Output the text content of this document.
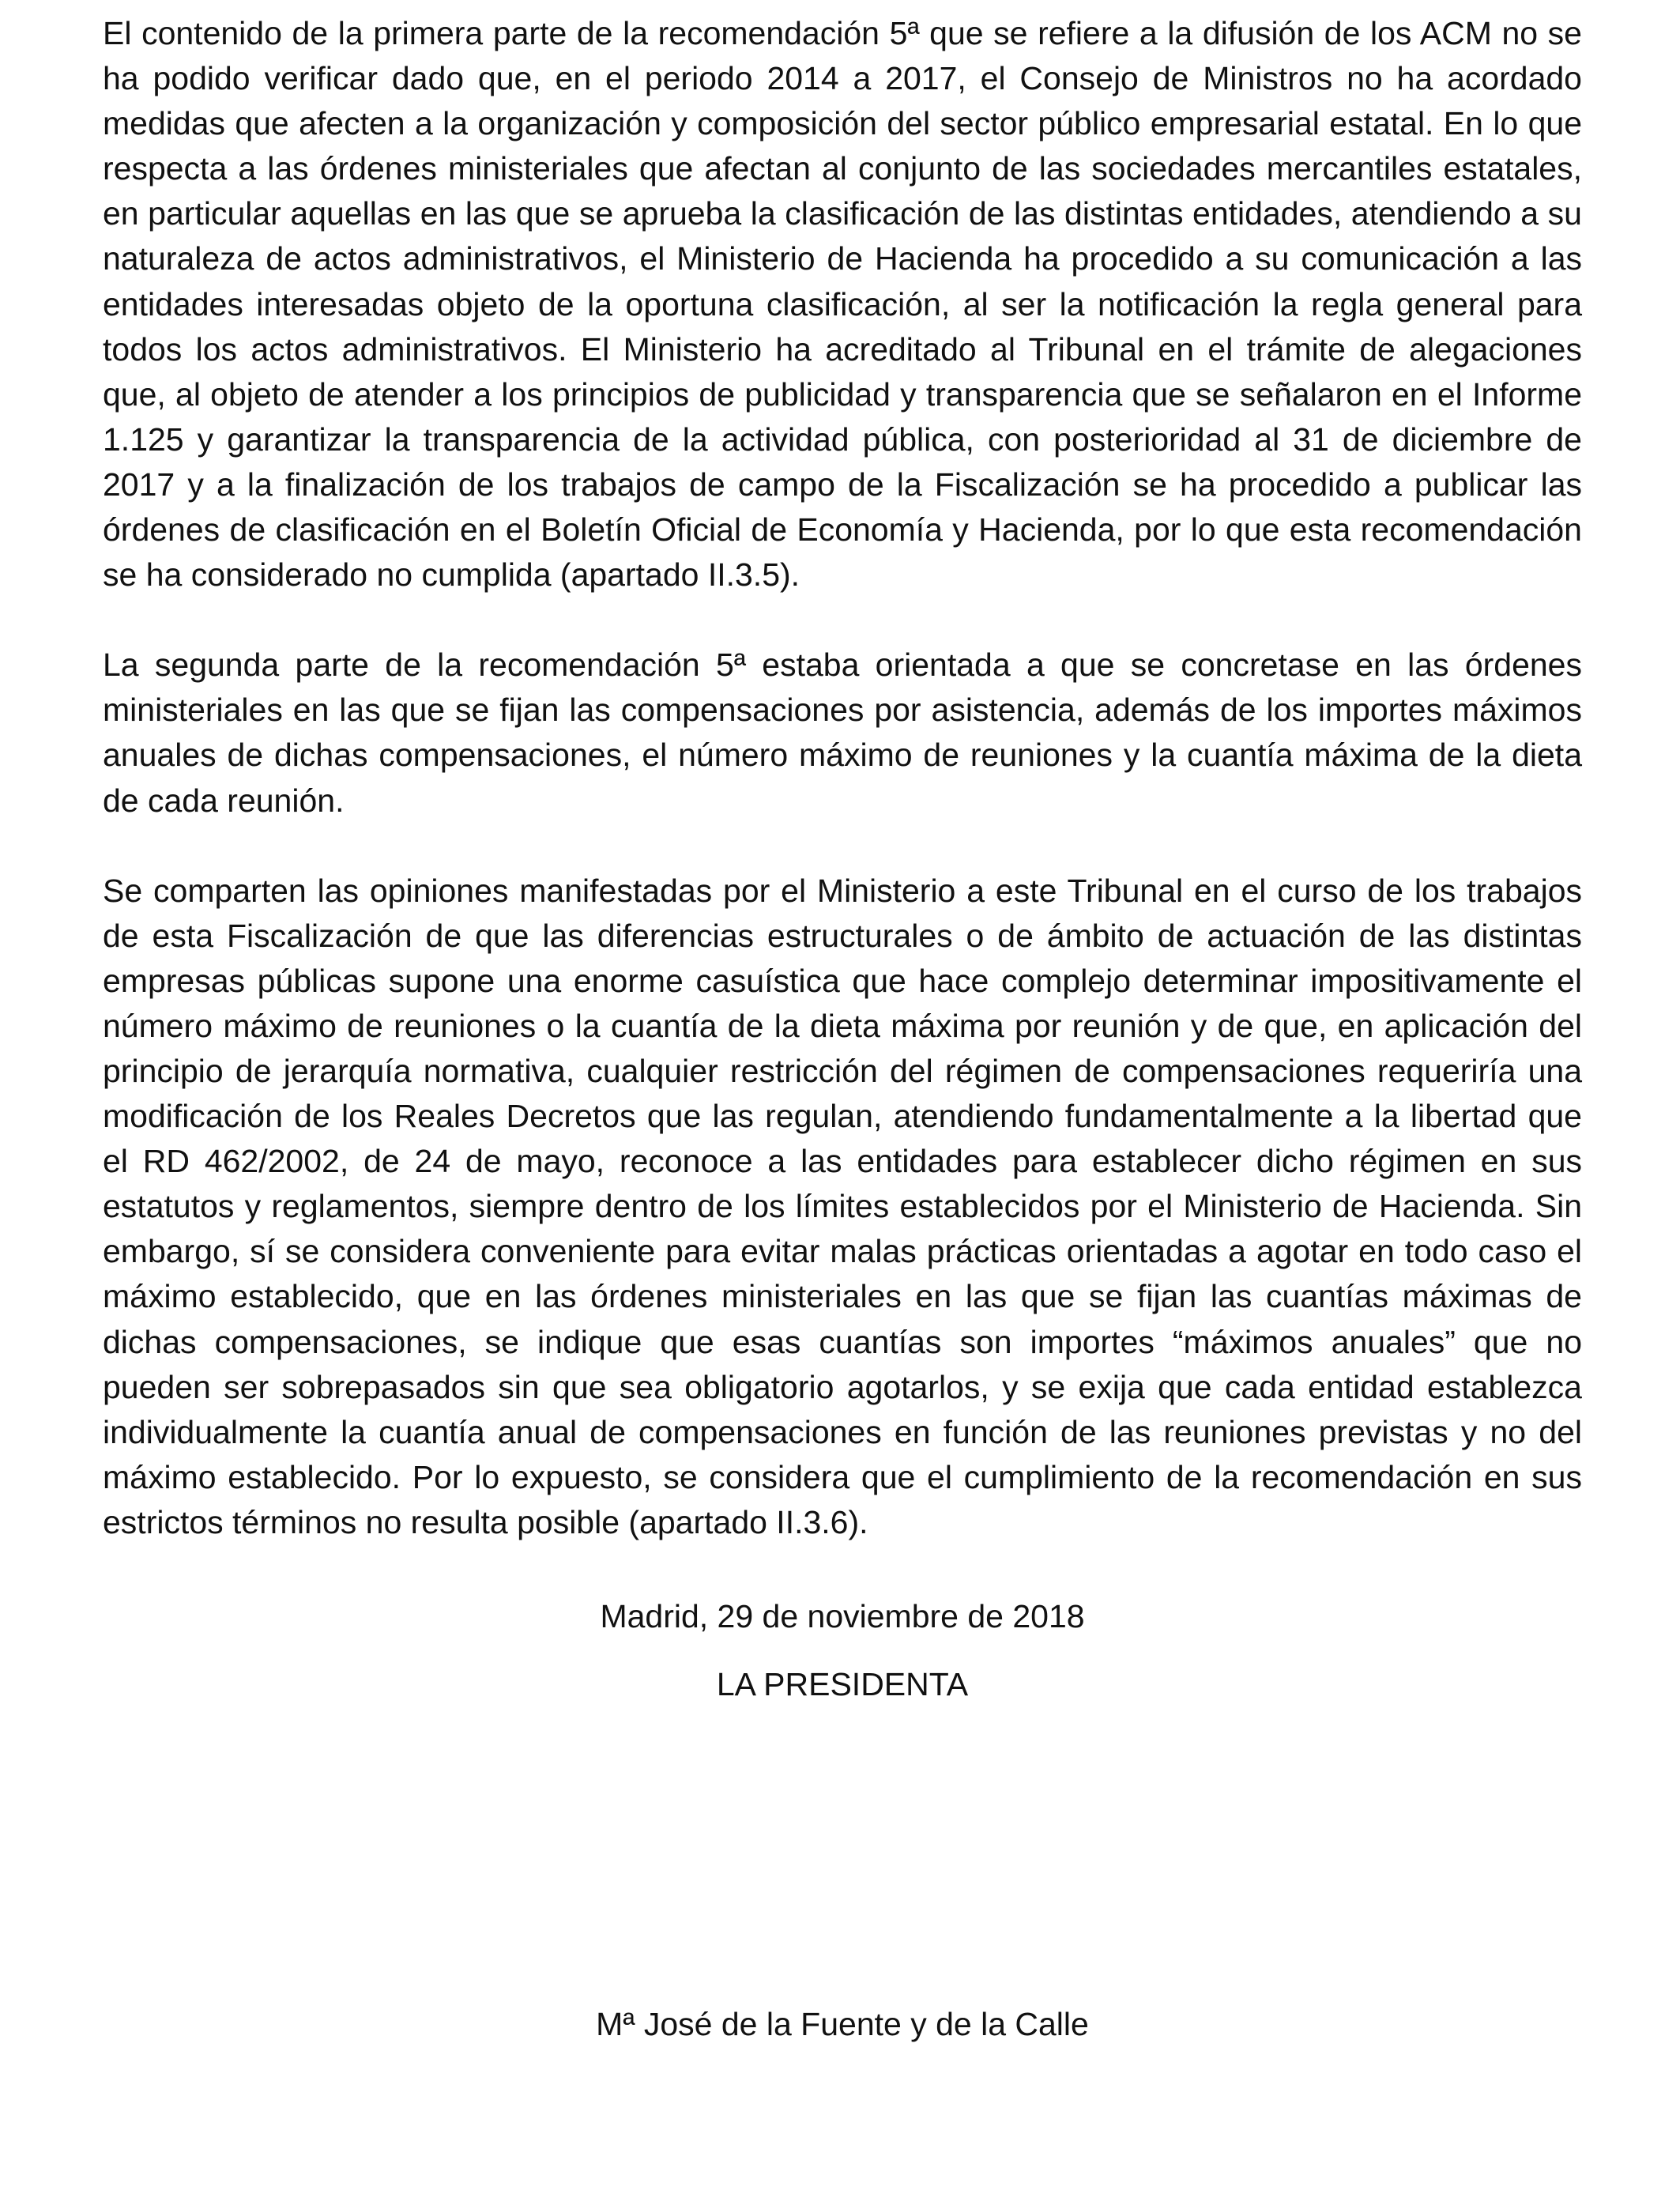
El contenido de la primera parte de la recomendación 5ª que se refiere a la difusión de los ACM no se ha podido verificar dado que, en el periodo 2014 a 2017, el Consejo de Ministros no ha acordado medidas que afecten a la organización y composición del sector público empresarial estatal. En lo que respecta a las órdenes ministeriales que afectan al conjunto de las sociedades mercantiles estatales, en particular aquellas en las que se aprueba la clasificación de las distintas entidades, atendiendo a su naturaleza de actos administrativos, el Ministerio de Hacienda ha procedido a su comunicación a las entidades interesadas objeto de la oportuna clasificación, al ser la notificación la regla general para todos los actos administrativos. El Ministerio ha acreditado al Tribunal en el trámite de alegaciones que, al objeto de atender a los principios de publicidad y transparencia que se señalaron en el Informe 1.125 y garantizar la transparencia de la actividad pública, con posterioridad al 31 de diciembre de 2017 y a la finalización de los trabajos de campo de la Fiscalización se ha procedido a publicar las órdenes de clasificación en el Boletín Oficial de Economía y Hacienda, por lo que esta recomendación se ha considerado no cumplida (apartado II.3.5).

La segunda parte de la recomendación 5ª estaba orientada a que se concretase en las órdenes ministeriales en las que se fijan las compensaciones por asistencia, además de los importes máximos anuales de dichas compensaciones, el número máximo de reuniones y la cuantía máxima de la dieta de cada reunión.

Se comparten las opiniones manifestadas por el Ministerio a este Tribunal en el curso de los trabajos de esta Fiscalización de que las diferencias estructurales o de ámbito de actuación de las distintas empresas públicas supone una enorme casuística que hace complejo determinar impositivamente el número máximo de reuniones o la cuantía de la dieta máxima por reunión y de que, en aplicación del principio de jerarquía normativa, cualquier restricción del régimen de compensaciones requeriría una modificación de los Reales Decretos que las regulan, atendiendo fundamentalmente a la libertad que el RD 462/2002, de 24 de mayo, reconoce a las entidades para establecer dicho régimen en sus estatutos y reglamentos, siempre dentro de los límites establecidos por el Ministerio de Hacienda. Sin embargo, sí se considera conveniente para evitar malas prácticas orientadas a agotar en todo caso el máximo establecido, que en las órdenes ministeriales en las que se fijan las cuantías máximas de dichas compensaciones, se indique que esas cuantías son importes “máximos anuales” que no pueden ser sobrepasados sin que sea obligatorio agotarlos, y se exija que cada entidad establezca individualmente la cuantía anual de compensaciones en función de las reuniones previstas y no del máximo establecido. Por lo expuesto, se considera que el cumplimiento de la recomendación en sus estrictos términos no resulta posible (apartado II.3.6).

Madrid, 29 de noviembre de 2018

LA PRESIDENTA

Mª José de la Fuente y de la Calle
